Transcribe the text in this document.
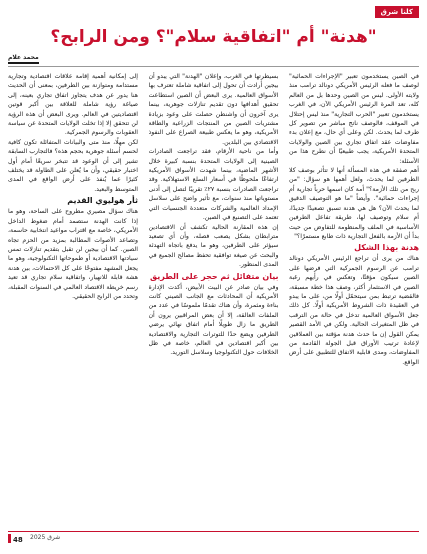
كلنا شرق
"هدنة" أم "اتفاقية سلام"؟ ومن الرابح؟
محمد علام

في الصين يستخدمون تعبير "الإجراءات الحمائية" لوصف ما فعله الرئيس الأمريكي دونالد ترامب منذ ولايته الأولى. ليس من الصين وحدها بل من العالم كله، تعد المرة الرئيس الأمريكي الآن، في الغرب يستخدمون تعبير "الحرب التجارية" منذ ليس إحتلال في الموقف، فالوصف ناتج مباشر من تصوير كل طرف لما يحدث. لكن وعلى أي حال، مع إعلان بدء مفاوضات عقد اتفاق تجاري بين الصين والولايات المتحدة الأمريكية، يجب طبيعيًا أن نطرح هذا من الأسئلة:

أهم صفقة في هذه المسألة أنها لا تتأثر بوصف كلا الطرفين لما يحدث، ولعل أهمها هو سؤال: "من ربح من تلك الأزمة؟" أمة كان اسمها حرباً تجارية أم إجراءات حمائية". وأيضاً "ما هو التوصيف الدقيق لما يحدث الآن؟ هل هي هدنة تسبق تصعيدًا جديدًا، أم سلام وتوصيف لها، طريقة تفاعل الطرفين الأساسية في الملف والمنظومة للتفاوض من حيث بدأ أن الأزمة بالفعل التجارية ذات طابع مستمرًا؟"

هدنة بهذا الشكل

هناك من يرى أن تراجع الرئيس الأمريكي دونالد ترامب عن الرسوم الجمركية التي فرضها على الصين سيكون مؤقتًا، وتعكس في رأيهم رغبة الصين في الاستثمار أكثر، وصف هذا خطة مسبقة، فالقضية ترتبط بمن سيتحمّل أولًا من، على ما يبدو في العقيدة ذات الشروط الأمريكية أولًا. كل ذلك جعل الأسواق العالمية تدخل في حالة من الترقب في ظل المتغيرات الحالية. ولكن في الأمد القصير يمكن القول إن ما حدث هدنة مؤقتة بين العملاقين لإعادة ترتيب الأوراق قبل الجولة القادمة من المفاوضات، ومدى قابلية الاتفاق للتطبيق على أرض الواقع.

بسيطرتها في الغرب، وإعلان "الهدنة" التي يبدو أن بيجين أرادت أن تحول إلى اتفاقية شاملة تعترف بها الأسواق العالمية. يرى البعض أن الصين استطاعت تحقيق أهدافها دون تقديم تنازلات جوهرية، بينما يرى آخرون أن واشنطن حصلت على وعود بزيادة مشتريات الصين من المنتجات الزراعية والطاقة الأمريكية، وهو ما يعكس طبيعة الصراع على النفوذ الاقتصادي بين البلدين.

وأما من ناحية الأرقام، فقد تراجعت الصادرات الصينية إلى الولايات المتحدة بنسبة كبيرة خلال الأشهر الماضية، بينما شهدت الأسواق الأمريكية ارتفاعًا ملحوظًا في أسعار السلع الاستهلاكية. وقد تراجعت الصادرات بنسبة ٢٧٪ تقريبًا لتصل إلى أدنى مستوياتها منذ سنوات، مع تأثير واضح على سلاسل الإمداد العالمية والشركات متعددة الجنسيات التي تعتمد على التصنيع في الصين.

إن هذه المقارنة الحالية تكشف أن الاقتصادين مترابطان بشكل يصعب فصله، وأن أي تصعيد سيؤثر على الطرفين، وهو ما يدفع باتجاه التهدئة والبحث عن صيغة توافقية تحفظ مصالح الجميع في المدى المنظور.

بيان متفائل ثم حجر على الطريق

وفي بيان صادر عن البيت الأبيض، أكدت الإدارة الأمريكية أن المحادثات مع الجانب الصيني كانت بناءة ومثمرة، وأن هناك تقدمًا ملموسًا في عدد من الملفات العالقة، إلا أن بعض المراقبين يرون أن الطريق ما زال طويلًا أمام اتفاق نهائي يرضي الطرفين ويضع حدًا للتوترات التجارية والاقتصادية بين أكبر اقتصادين في العالم، خاصة في ظل الخلافات حول التكنولوجيا وسلاسل التوريد.

إلى إمكانية أهمية إقامة علاقات اقتصادية وتجارية مستدامة ومتوازنة بين الطرفين، بمعنى أن الحديث هنا يدور عن هدف يتجاوز اتفاق تجاري بعينه، إلى صياغة رؤية شاملة للعلاقة بين أكبر قوتين اقتصاديتين في العالم. ويرى البعض أن هذه الرؤية لن تتحقق إلا إذا تخلت الولايات المتحدة عن سياسة العقوبات والرسوم الجمركية.

لكن مهلًا، منذ متى والبيانات المتفائلة تكون كافية لحسم أسئلة جوهرية بحجم هذه؟ فالتجارب السابقة تشير إلى أن الوعود قد تتبخر سريعًا أمام أول اختبار حقيقي، وأن ما يُعلن على الطاولة قد يختلف كثيرًا عما يُنفذ على أرض الواقع في المدى المتوسط والبعيد.

ثأر هوليوي القديم

هناك سؤال مصيري مطروح على الساحة، وهو ما إذا كانت الهدنة ستصمد أمام ضغوط الداخل الأمريكي، خاصة مع اقتراب مواعيد انتخابية حاسمة، وتصاعد الأصوات المطالبة بمزيد من الحزم تجاه الصين. كما أن بيجين لن تقبل بتقديم تنازلات تمس سيادتها الاقتصادية أو طموحاتها التكنولوجية، وهو ما يجعل المشهد مفتوحًا على كل الاحتمالات، بين هدنة هشة قابلة للانهيار، واتفاقية سلام تجاري قد تعيد رسم خريطة الاقتصاد العالمي في السنوات المقبلة، وتحدد من الرابح الحقيقي.

48 2025 شرق
